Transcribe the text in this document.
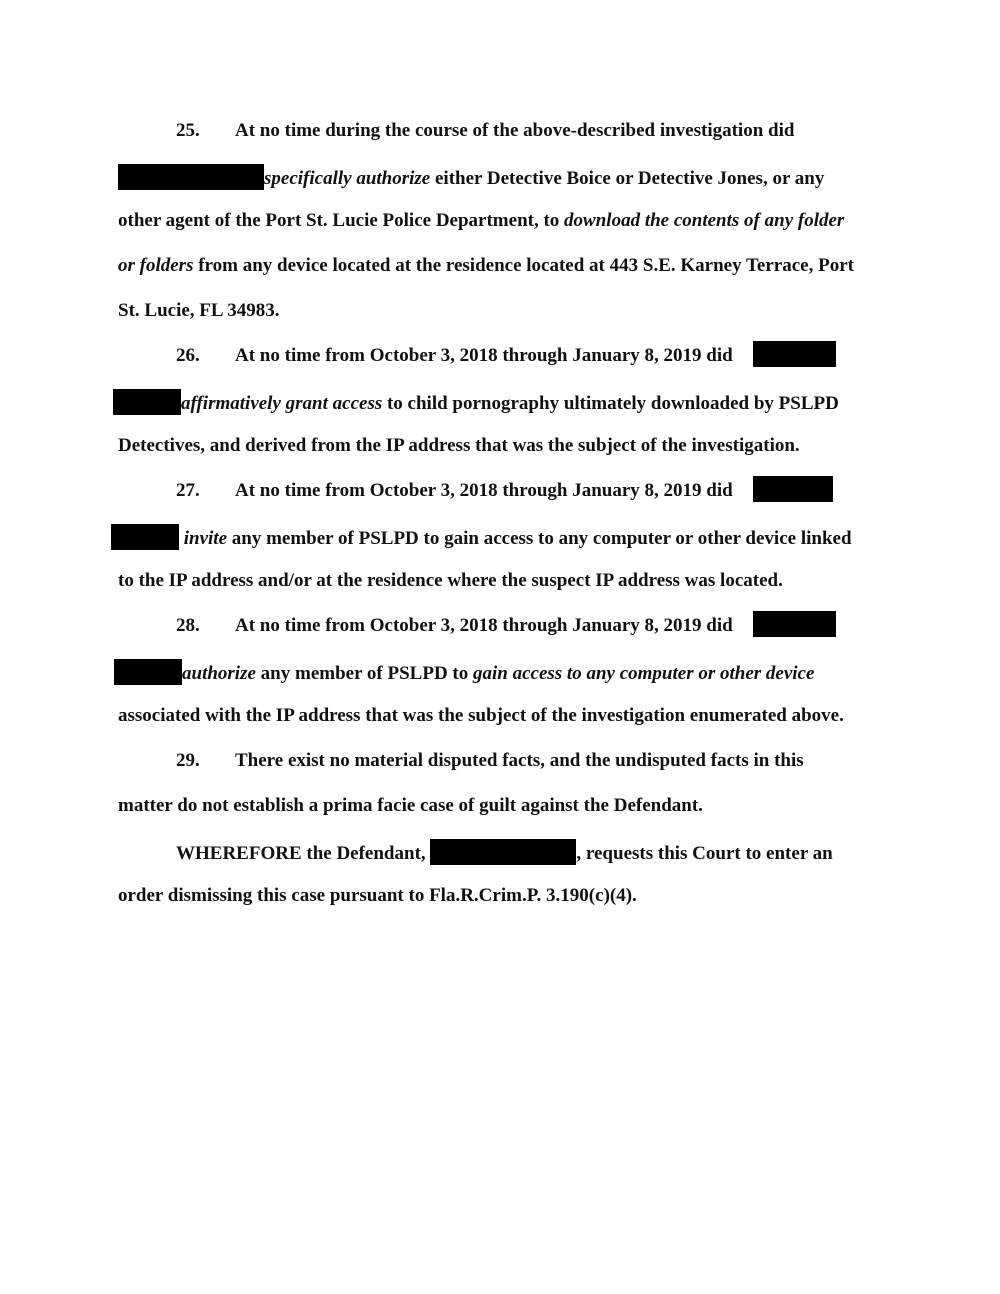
25. At no time during the course of the above-described investigation did
specifically authorize either Detective Boice or Detective Jones, or any
other agent of the Port St. Lucie Police Department, to download the contents of any folder
or folders from any device located at the residence located at 443 S.E. Karney Terrace, Port
St. Lucie, FL 34983.
26. At no time from October 3, 2018 through January 8, 2019 did
affirmatively grant access to child pornography ultimately downloaded by PSLPD
Detectives, and derived from the IP address that was the subject of the investigation.
27. At no time from October 3, 2018 through January 8, 2019 did
invite any member of PSLPD to gain access to any computer or other device linked
to the IP address and/or at the residence where the suspect IP address was located.
28. At no time from October 3, 2018 through January 8, 2019 did
authorize any member of PSLPD to gain access to any computer or other device
associated with the IP address that was the subject of the investigation enumerated above.
29. There exist no material disputed facts, and the undisputed facts in this
matter do not establish a prima facie case of guilt against the Defendant.
WHEREFORE the Defendant,	, requests this Court to enter an
order dismissing this case pursuant to Fla.R.Crim.P. 3.190(c)(4).
